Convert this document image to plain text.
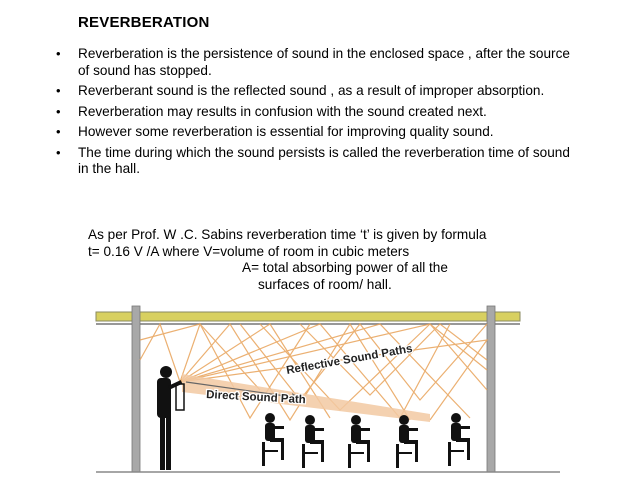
REVERBERATION
• Reverberation is the persistence of sound in the enclosed space , after the source of sound has stopped.
• Reverberant sound is the reflected sound , as a result of improper absorption.
• Reverberation may results in confusion with the sound created next.
• However some reverberation is essential for improving quality sound.
• The time during which the sound persists is called the reverberation time of sound in the hall.
As per Prof. W .C. Sabins reverberation time ‘t’ is given by formula
t= 0.16 V /A where V=volume of room in cubic meters
A= total absorbing power of all the
surfaces of room/ hall.
Reflective Sound Paths
Direct Sound Path
